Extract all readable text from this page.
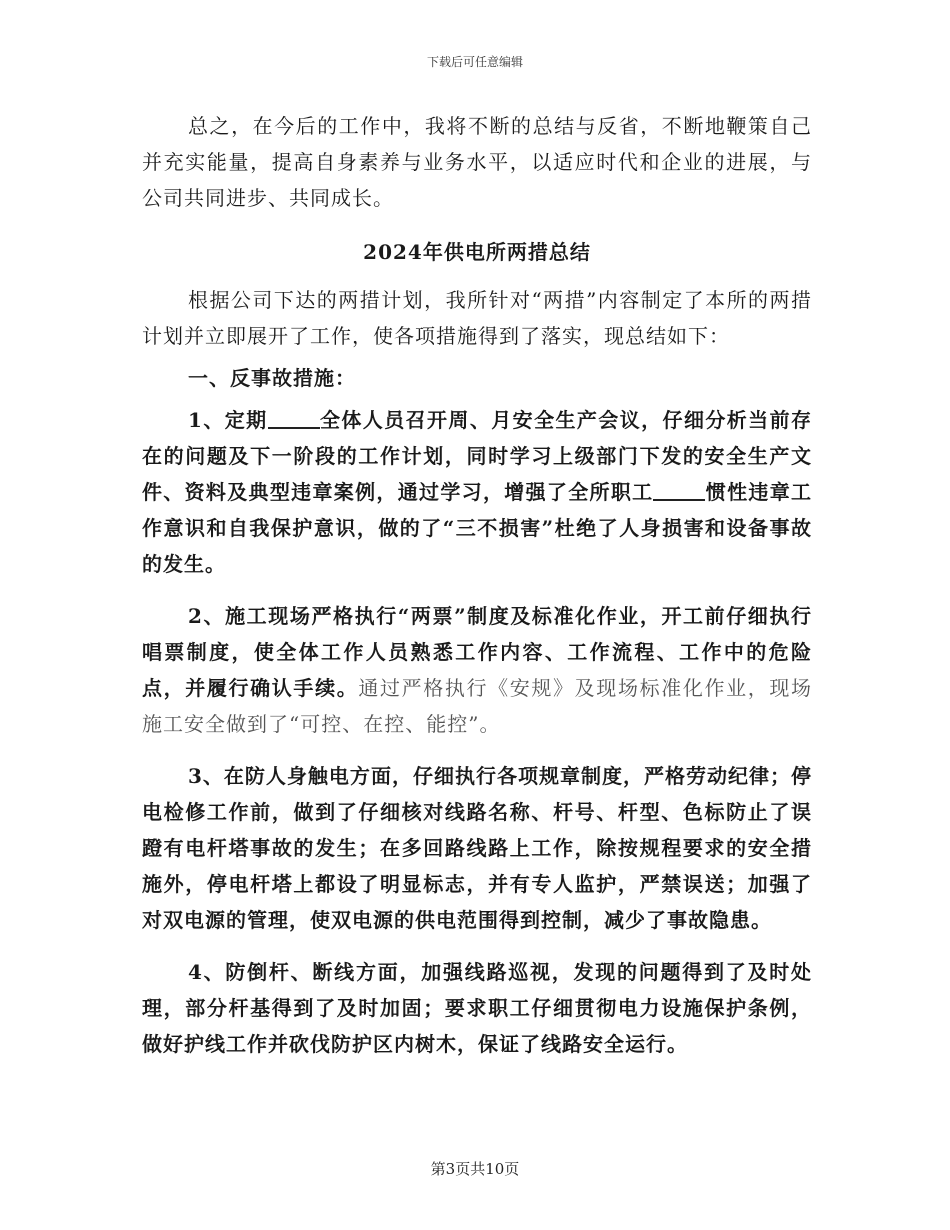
下载后可任意编辑

总之，在今后的工作中，我将不断的总结与反省，不断地鞭策自己并充实能量，提高自身素养与业务水平，以适应时代和企业的进展，与公司共同进步、共同成长。

2024年供电所两措总结

根据公司下达的两措计划，我所针对“两措”内容制定了本所的两措计划并立即展开了工作，使各项措施得到了落实，现总结如下：

一、反事故措施：

1、定期	全体人员召开周、月安全生产会议，仔细分析当前存在的问题及下一阶段的工作计划，同时学习上级部门下发的安全生产文件、资料及典型违章案例，通过学习，增强了全所职工	惯性违章工作意识和自我保护意识，做的了“三不损害”杜绝了人身损害和设备事故的发生。

2、施工现场严格执行“两票”制度及标准化作业，开工前仔细执行唱票制度，使全体工作人员熟悉工作内容、工作流程、工作中的危险点，并履行确认手续。通过严格执行《安规》及现场标准化作业，现场施工安全做到了“可控、在控、能控”。

3、在防人身触电方面，仔细执行各项规章制度，严格劳动纪律；停电检修工作前，做到了仔细核对线路名称、杆号、杆型、色标防止了误蹬有电杆塔事故的发生；在多回路线路上工作，除按规程要求的安全措施外，停电杆塔上都设了明显标志，并有专人监护，严禁误送；加强了对双电源的管理，使双电源的供电范围得到控制，减少了事故隐患。

4、防倒杆、断线方面，加强线路巡视，发现的问题得到了及时处理，部分杆基得到了及时加固；要求职工仔细贯彻电力设施保护条例，做好护线工作并砍伐防护区内树木，保证了线路安全运行。

第3页共10页
